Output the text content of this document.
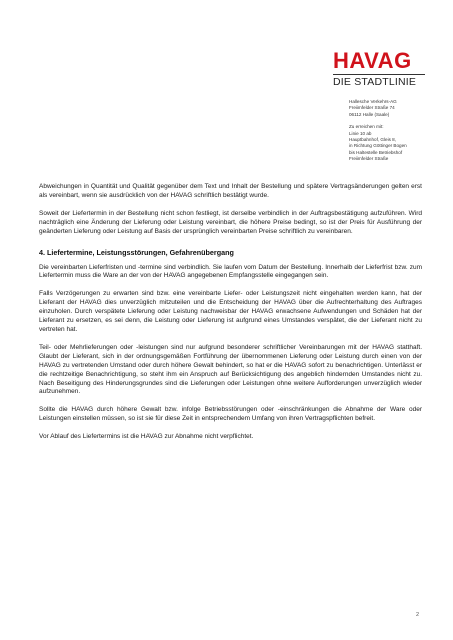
HAVAG
DIE STADTLINIE
Hallesche Verkehrs-AG
Freiimfelder Straße 74
06112 Halle (Saale)
Zu erreichen mit:
Linie 10 ab
Hauptbahnhof, Gleis 8,
in Richtung Göttinger Bogen
bis Haltestelle Betriebshof
Freiimfelder Straße

Abweichungen in Quantität und Qualität gegenüber dem Text und Inhalt der Bestellung und spätere Vertragsänderungen gelten erst als vereinbart, wenn sie ausdrücklich von der HAVAG schriftlich bestätigt wurde.

Soweit der Liefertermin in der Bestellung nicht schon festliegt, ist derselbe verbindlich in der Auftragsbestätigung aufzuführen. Wird nachträglich eine Änderung der Lieferung oder Leistung vereinbart, die höhere Preise bedingt, so ist der Preis für Ausführung der geänderten Lieferung oder Leistung auf Basis der ursprünglich vereinbarten Preise schriftlich zu vereinbaren.

4. Liefertermine, Leistungsstörungen, Gefahrenübergang

Die vereinbarten Lieferfristen und -termine sind verbindlich. Sie laufen vom Datum der Bestellung. Innerhalb der Lieferfrist bzw. zum Liefertermin muss die Ware an der von der HAVAG angegebenen Empfangsstelle eingegangen sein.

Falls Verzögerungen zu erwarten sind bzw. eine vereinbarte Liefer- oder Leistungszeit nicht eingehalten werden kann, hat der Lieferant der HAVAG dies unverzüglich mitzuteilen und die Entscheidung der HAVAG über die Aufrechterhaltung des Auftrages einzuholen. Durch verspätete Lieferung oder Leistung nachweisbar der HAVAG erwachsene Aufwendungen und Schäden hat der Lieferant zu ersetzen, es sei denn, die Leistung oder Lieferung ist aufgrund eines Umstandes verspätet, die der Lieferant nicht zu vertreten hat.

Teil- oder Mehrlieferungen oder -leistungen sind nur aufgrund besonderer schriftlicher Vereinbarungen mit der HAVAG statthaft. Glaubt der Lieferant, sich in der ordnungsgemäßen Fortführung der übernommenen Lieferung oder Leistung durch einen von der HAVAG zu vertretenden Umstand oder durch höhere Gewalt behindert, so hat er die HAVAG sofort zu benachrichtigen. Unterlässt er die rechtzeitige Benachrichtigung, so steht ihm ein Anspruch auf Berücksichtigung des angeblich hindernden Umstandes nicht zu. Nach Beseitigung des Hinderungsgrundes sind die Lieferungen oder Leistungen ohne weitere Aufforderungen unverzüglich wieder aufzunehmen.

Sollte die HAVAG durch höhere Gewalt bzw. infolge Betriebsstörungen oder -einschränkungen die Abnahme der Ware oder Leistungen einstellen müssen, so ist sie für diese Zeit in entsprechendem Umfang von ihren Vertragspflichten befreit.

Vor Ablauf des Liefertermins ist die HAVAG zur Abnahme nicht verpflichtet.

2
